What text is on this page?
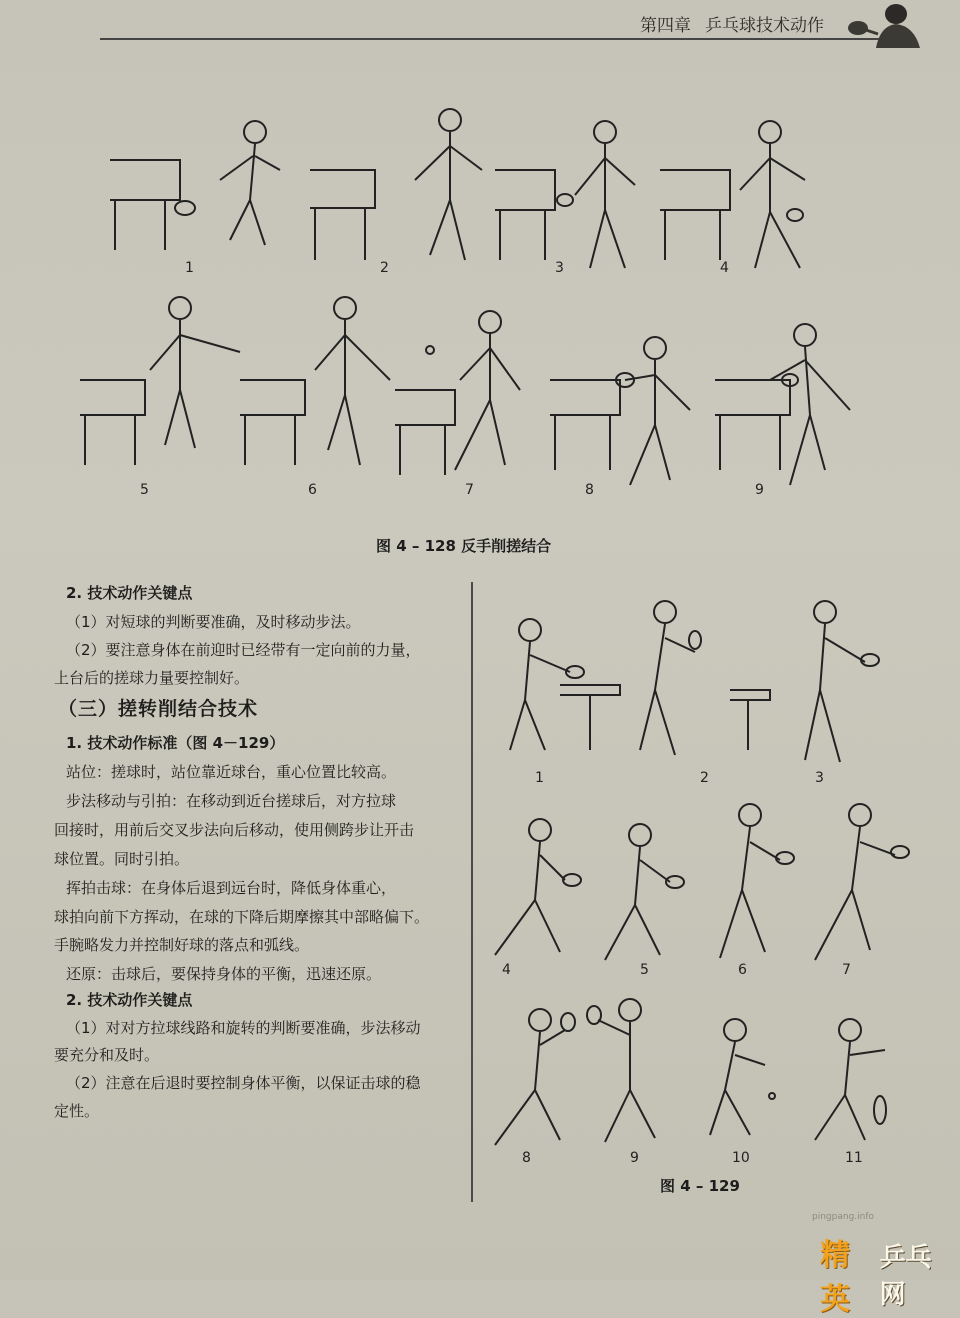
第四章 乒乓球技术动作
1	2	3	4
5	6	7	8	9
图 4 – 128 反手削搓结合
2. 技术动作关键点
（1）对短球的判断要准确，及时移动步法。
（2）要注意身体在前迎时已经带有一定向前的力量，
上台后的搓球力量要控制好。
（三）搓转削结合技术
1. 技术动作标准（图 4－129）
站位：搓球时，站位靠近球台，重心位置比较高。
步法移动与引拍：在移动到近台搓球后，对方拉球
回接时，用前后交叉步法向后移动，使用侧跨步让开击
球位置。同时引拍。
挥拍击球：在身体后退到远台时，降低身体重心，
球拍向前下方挥动，在球的下降后期摩擦其中部略偏下。
手腕略发力并控制好球的落点和弧线。
还原：击球后，要保持身体的平衡，迅速还原。
2. 技术动作关键点
（1）对对方拉球线路和旋转的判断要准确，步法移动
要充分和及时。
（2）注意在后退时要控制身体平衡，以保证击球的稳
定性。
1	2	3
4	5	6	7
8	9	10	11
图 4 – 129
pingpang.info
精英
乒乓网
